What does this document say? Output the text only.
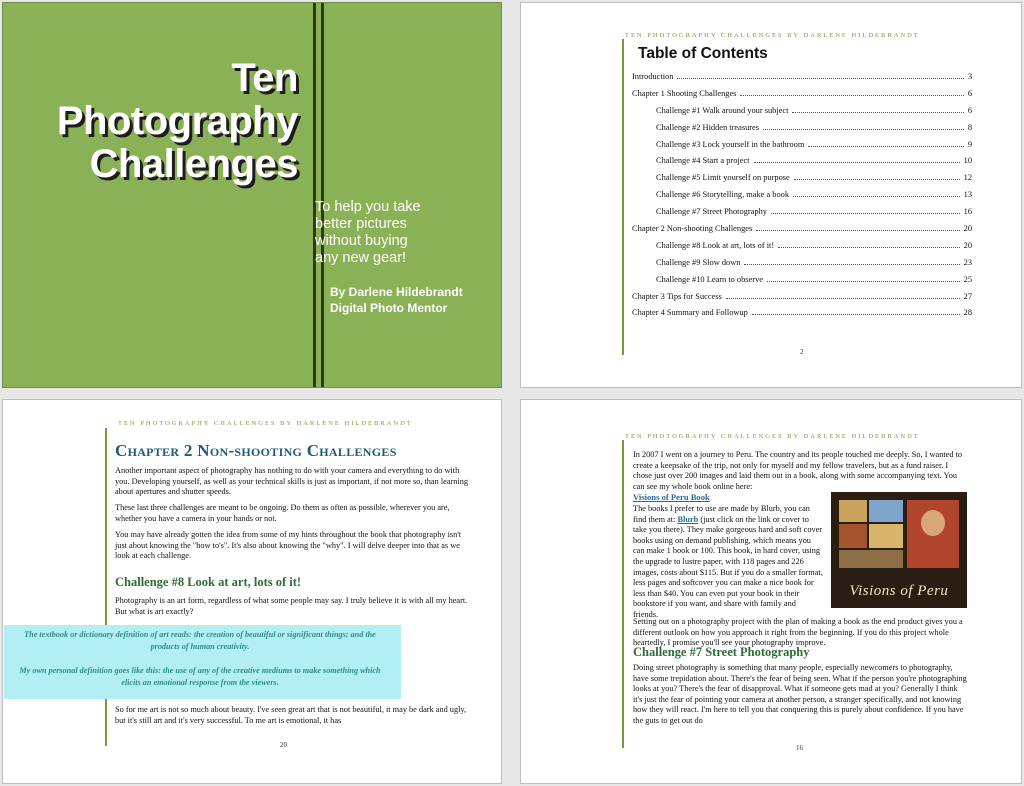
Ten
Photography
Challenges
To help you take
better pictures
without buying
any new gear!
By Darlene Hildebrandt
Digital Photo Mentor
TEN PHOTOGRAPHY CHALLENGES BY DARLENE HILDEBRANDT
Table of Contents
Introduction	3
Chapter 1 Shooting Challenges	6
Challenge #1 Walk around your subject	6
Challenge #2 Hidden treasures	8
Challenge #3 Lock yourself in the bathroom	9
Challenge #4 Start a project	10
Challenge #5 Limit yourself on purpose	12
Challenge #6 Storytelling, make a book	13
Challenge #7 Street Photography	16
Chapter 2 Non-shooting Challenges	20
Challenge #8 Look at art, lots of it!	20
Challenge #9 Slow down	23
Challenge #10 Learn to observe	25
Chapter 3 Tips for Success	27
Chapter 4 Summary and Followup	28
2
TEN PHOTOGRAPHY CHALLENGES BY DARLENE HILDEBRANDT
Chapter 2 Non-shooting Challenges

Another important aspect of photography has nothing to do with your camera and everything to do with you. Developing yourself, as well as your technical skills is just as important, if not more so, than learning about apertures and shutter speeds.

These last three challenges are meant to be ongoing. Do them as often as possible, wherever you are, whether you have a camera in your hands or not.

You may have already gotten the idea from some of my hints throughout the book that photography isn't just about knowing the "how to's". It's also about knowing the "why". I will delve deeper into that as we look at each challenge.

Challenge #8 Look at art, lots of it!
Photography is an art form, regardless of what some people may say. I truly believe it is with all my heart. But what is art exactly?

The textbook or dictionary definition of art reads: the creation of beautiful or significant things; and the products of human creativity.

My own personal definition goes like this: the use of any of the creative mediums to make something which elicits an emotional response from the viewers.

So for me art is not so much about beauty. I've seen great art that is not beautiful, it may be dark and ugly, but it's still art and it's very successful. To me art is emotional, it has
20
TEN PHOTOGRAPHY CHALLENGES BY DARLENE HILDEBRANDT
In 2007 I went on a journey to Peru. The country and its people touched me deeply. So, I wanted to create a keepsake of the trip, not only for myself and my fellow travelers, but as a fund raiser. I chose just over 200 images and laid them out in a book, along with some accompanying text. You can see my whole book online here:
Visions of Peru Book
The books I prefer to use are made by Blurb, you can find them at: Blurb (just click on the link or cover to take you there). They make gorgeous hard and soft cover books using on demand publishing, which means you can make 1 book or 100. This book, in hard cover, using the upgrade to lustre paper, with 118 pages and 226 images, costs about $115. But if you do a smaller format, less pages and softcover you can make a nice book for less than $40. You can even put your book in their bookstore if you want, and share with family and friends.
Visions of Peru
Setting out on a photography project with the plan of making a book as the end product gives you a different outlook on how you approach it right from the beginning. If you do this project whole heartedly, I promise you'll see your photography improve.
Challenge #7 Street Photography
Doing street photography is something that many people, especially newcomers to photography, have some trepidation about. There's the fear of being seen. What if the person you're photographing looks at you? There's the fear of disapproval. What if someone gets mad at you? Generally I think it's just the fear of pointing your camera at another person, a stranger specifically, and not knowing how they will react. I'm here to tell you that conquering this is purely about confidence. If you have the guts to get out do
16
